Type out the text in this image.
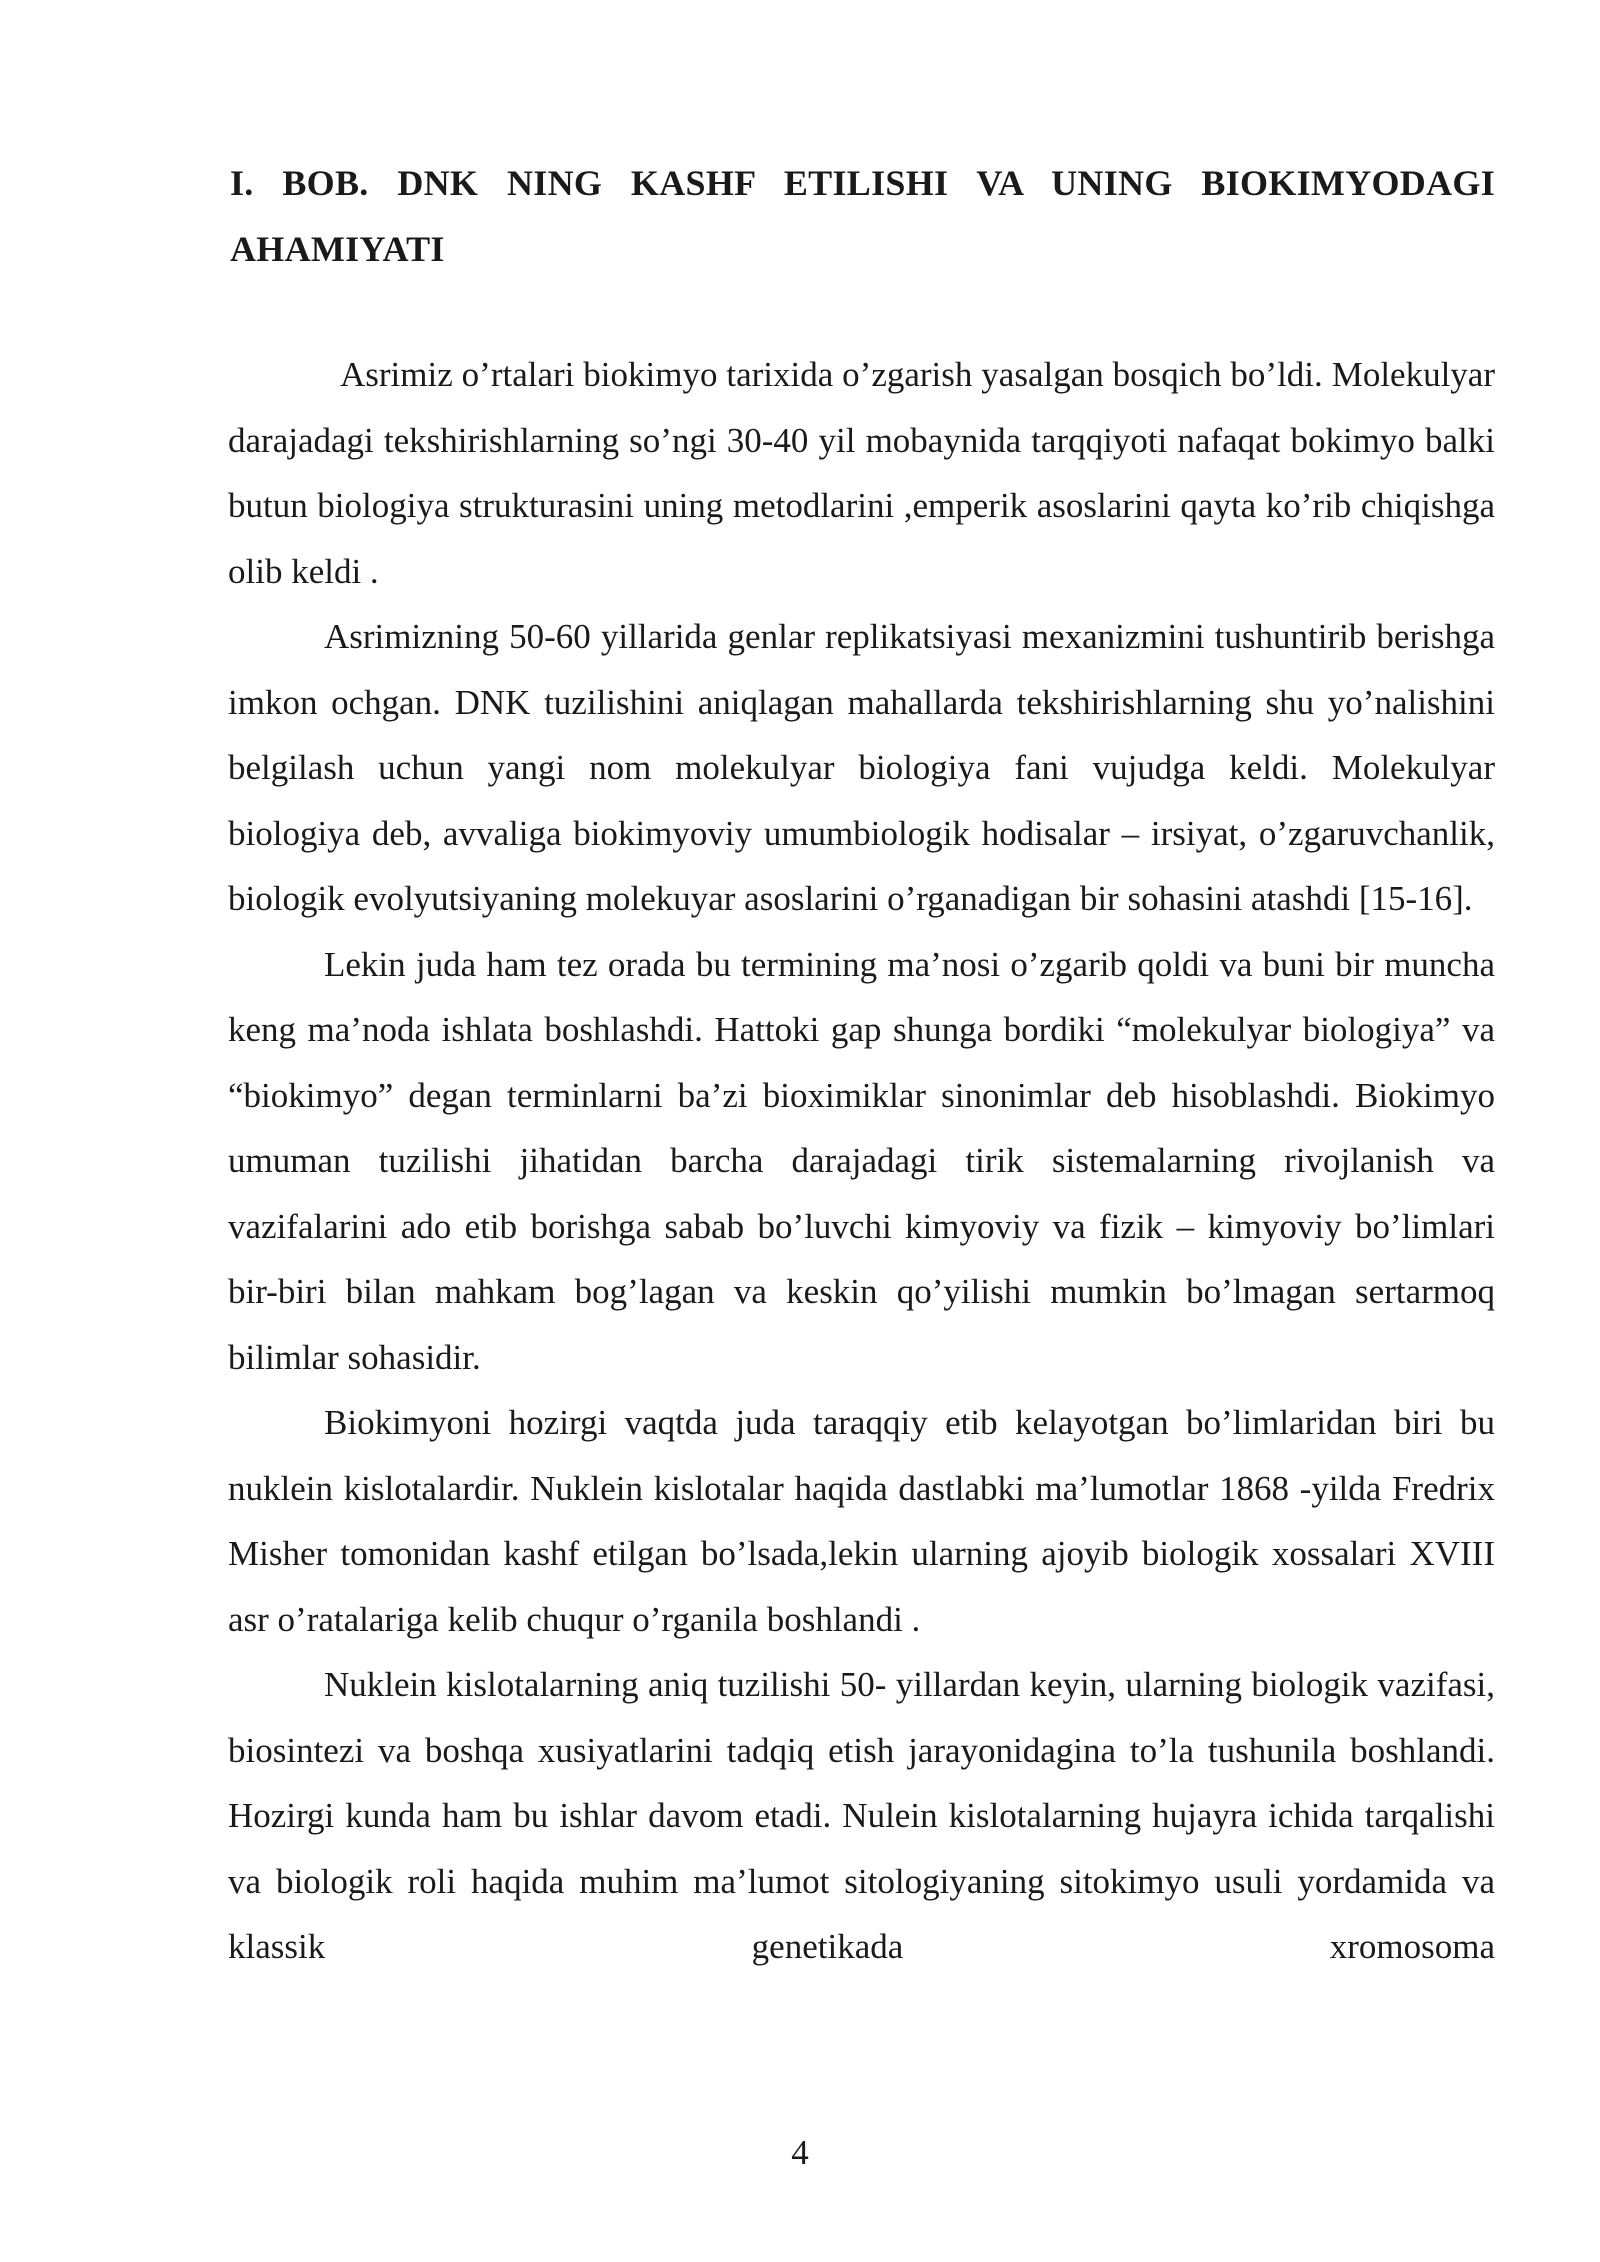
I. BOB. DNK NING KASHF ETILISHI VA UNING BIOKIMYODAGI AHAMIYATI

Asrimiz o’rtalari biokimyo tarixida o’zgarish yasalgan bosqich bo’ldi. Molekulyar darajadagi tekshirishlarning so’ngi 30-40 yil mobaynida tarqqiyoti nafaqat bokimyo balki butun biologiya strukturasini uning metodlarini ,emperik asoslarini qayta ko’rib chiqishga olib keldi .

Asrimizning 50-60 yillarida genlar replikatsiyasi mexanizmini tushuntirib berishga imkon ochgan. DNK tuzilishini aniqlagan mahallarda tekshirishlarning shu yo’nalishini belgilash uchun yangi nom molekulyar biologiya fani vujudga keldi. Molekulyar biologiya deb, avvaliga biokimyoviy umumbiologik hodisalar – irsiyat, o’zgaruvchanlik, biologik evolyutsiyaning molekuyar asoslarini o’rganadigan bir sohasini atashdi [15-16].

Lekin juda ham tez orada bu termining ma’nosi o’zgarib qoldi va buni bir muncha keng ma’noda ishlata boshlashdi. Hattoki gap shunga bordiki “molekulyar biologiya” va “biokimyo” degan terminlarni ba’zi bioximiklar sinonimlar deb hisoblashdi. Biokimyo umuman tuzilishi jihatidan barcha darajadagi tirik sistemalarning rivojlanish va vazifalarini ado etib borishga sabab bo’luvchi kimyoviy va fizik – kimyoviy bo’limlari bir-biri bilan mahkam bog’lagan va keskin qo’yilishi mumkin bo’lmagan sertarmoq bilimlar sohasidir.

Biokimyoni hozirgi vaqtda juda taraqqiy etib kelayotgan bo’limlaridan biri bu nuklein kislotalardir. Nuklein kislotalar haqida dastlabki ma’lumotlar 1868 -yilda Fredrix Misher tomonidan kashf etilgan bo’lsada,lekin ularning ajoyib biologik xossalari XVIII asr o’ratalariga kelib chuqur o’rganila boshlandi .

Nuklein kislotalarning aniq tuzilishi 50- yillardan keyin, ularning biologik vazifasi, biosintezi va boshqa xusiyatlarini tadqiq etish jarayonidagina to’la tushunila boshlandi. Hozirgi kunda ham bu ishlar davom etadi. Nulein kislotalarning hujayra ichida tarqalishi va biologik roli haqida muhim ma’lumot sitologiyaning sitokimyo usuli yordamida va klassik genetikada xromosoma

4
